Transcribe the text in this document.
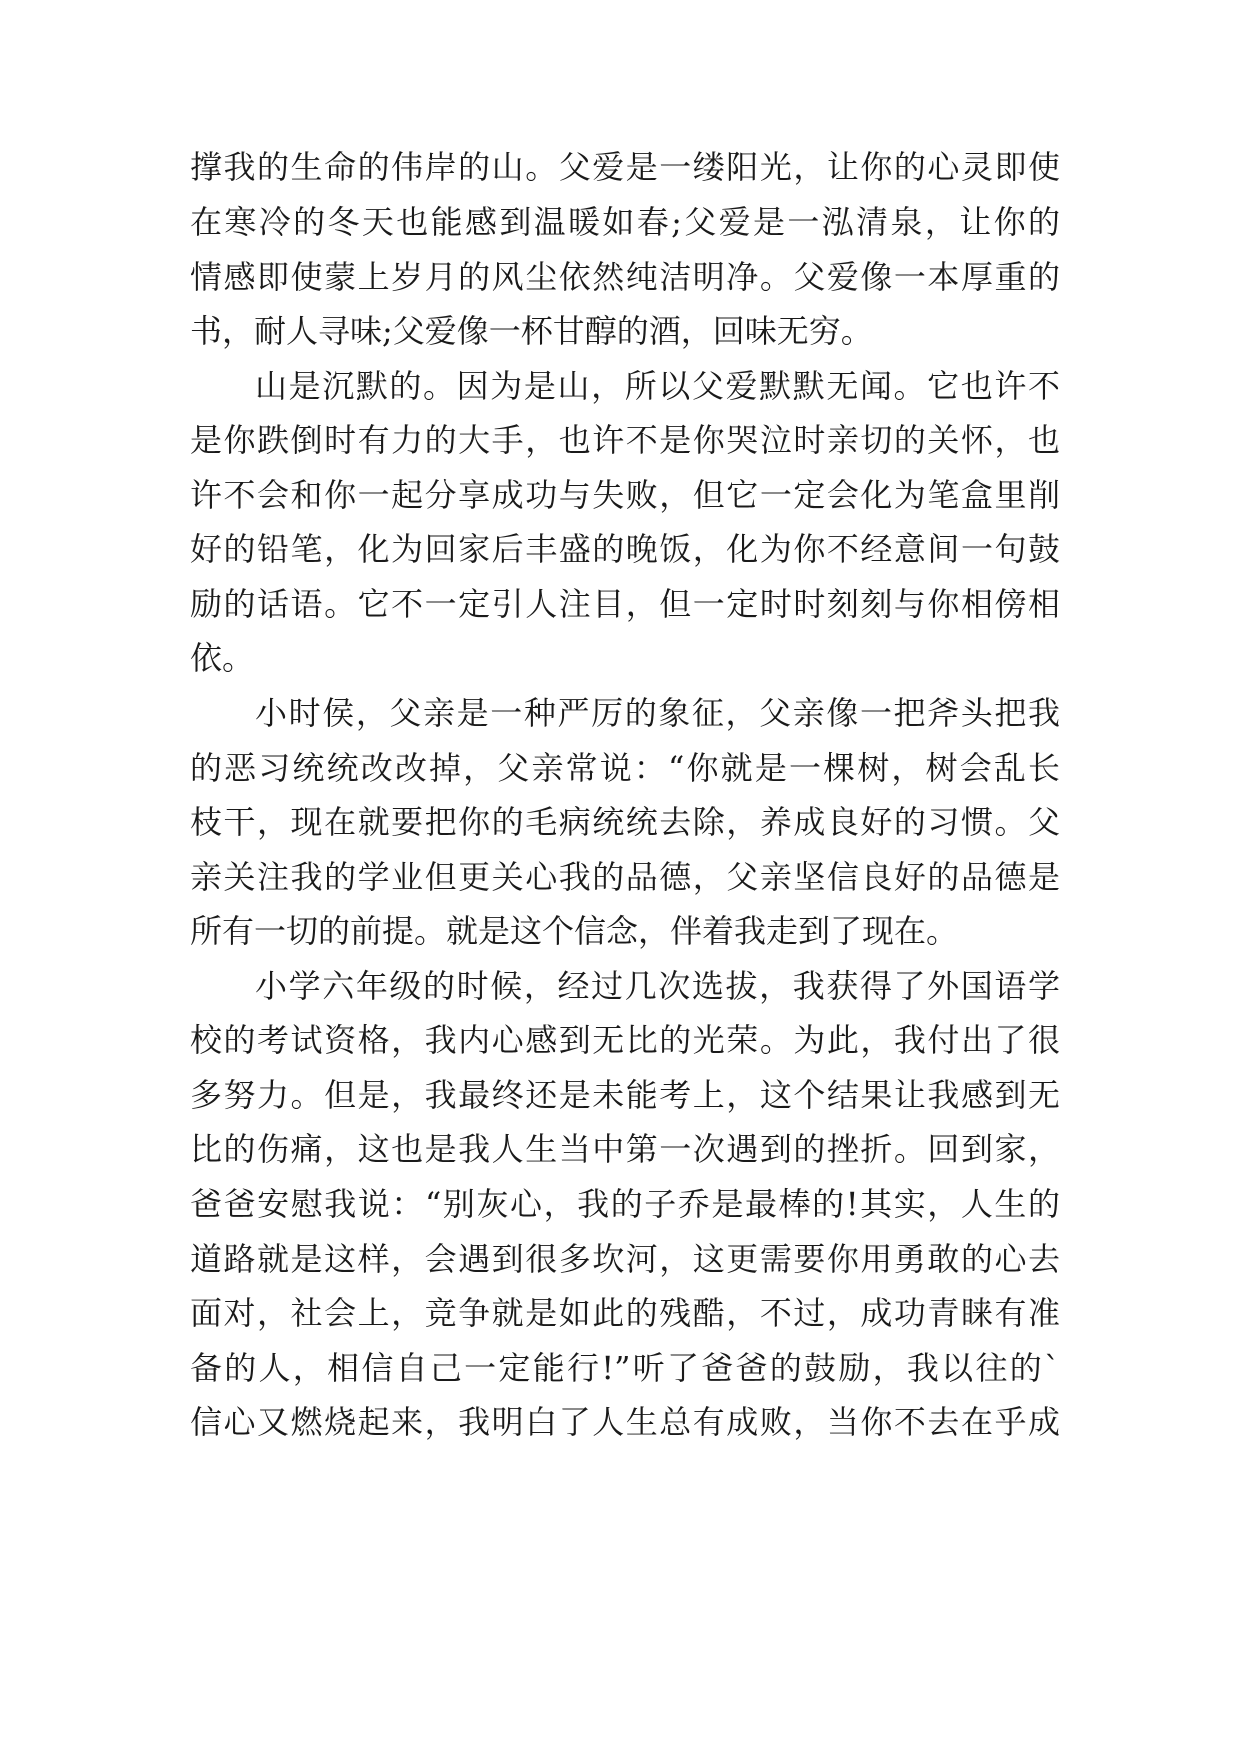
撑我的生命的伟岸的山。父爱是一缕阳光，让你的心灵即使
在寒冷的冬天也能感到温暖如春;父爱是一泓清泉，让你的
情感即使蒙上岁月的风尘依然纯洁明净。父爱像一本厚重的
书，耐人寻味;父爱像一杯甘醇的酒，回味无穷。
山是沉默的。因为是山，所以父爱默默无闻。它也许不
是你跌倒时有力的大手，也许不是你哭泣时亲切的关怀，也
许不会和你一起分享成功与失败，但它一定会化为笔盒里削
好的铅笔，化为回家后丰盛的晚饭，化为你不经意间一句鼓
励的话语。它不一定引人注目，但一定时时刻刻与你相傍相
依。
小时侯，父亲是一种严厉的象征，父亲像一把斧头把我
的恶习统统改改掉，父亲常说：“你就是一棵树，树会乱长
枝干，现在就要把你的毛病统统去除，养成良好的习惯。父
亲关注我的学业但更关心我的品德，父亲坚信良好的品德是
所有一切的前提。就是这个信念，伴着我走到了现在。
小学六年级的时候，经过几次选拔，我获得了外国语学
校的考试资格，我内心感到无比的光荣。为此，我付出了很
多努力。但是，我最终还是未能考上，这个结果让我感到无
比的伤痛，这也是我人生当中第一次遇到的挫折。回到家，
爸爸安慰我说：“别灰心，我的子乔是最棒的!其实，人生的
道路就是这样，会遇到很多坎河，这更需要你用勇敢的心去
面对，社会上，竞争就是如此的残酷，不过，成功青睐有准
备的人，相信自己一定能行!”听了爸爸的鼓励，我以往的`
信心又燃烧起来，我明白了人生总有成败，当你不去在乎成
